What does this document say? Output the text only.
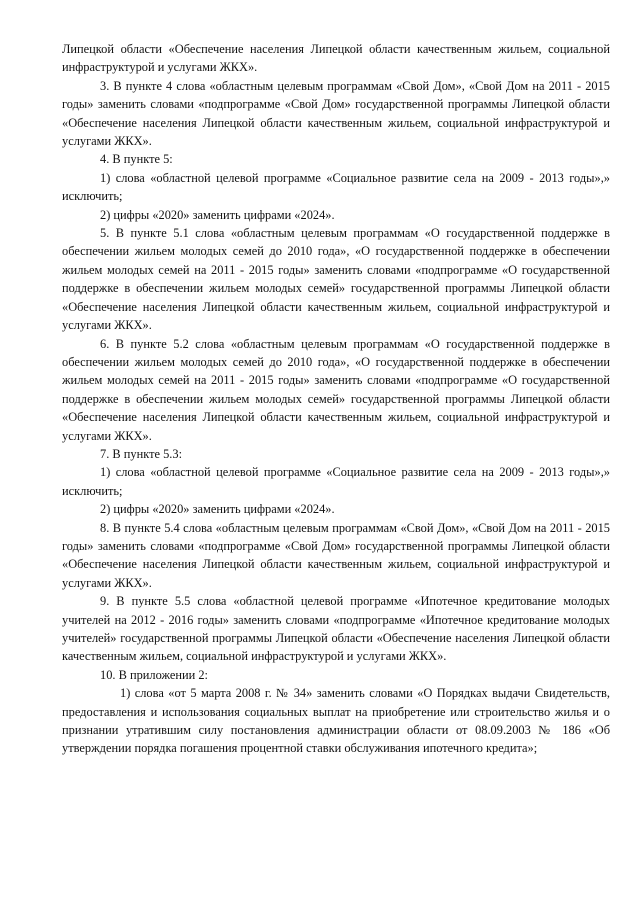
Липецкой области «Обеспечение населения Липецкой области качественным жильем, социальной инфраструктурой и услугами ЖКХ».

3. В пункте 4 слова «областным целевым программам «Свой Дом», «Свой Дом на 2011 - 2015 годы» заменить словами «подпрограмме «Свой Дом» государственной программы Липецкой области «Обеспечение населения Липецкой области качественным жильем, социальной инфраструктурой и услугами ЖКХ».

4. В пункте 5:

1) слова «областной целевой программе «Социальное развитие села на 2009 - 2013 годы»,» исключить;

2) цифры «2020» заменить цифрами «2024».

5. В пункте 5.1 слова «областным целевым программам «О государственной поддержке в обеспечении жильем молодых семей до 2010 года», «О государственной поддержке в обеспечении жильем молодых семей на 2011 - 2015 годы» заменить словами «подпрограмме «О государственной поддержке в обеспечении жильем молодых семей» государственной программы Липецкой области «Обеспечение населения Липецкой области качественным жильем, социальной инфраструктурой и услугами ЖКХ».

6. В пункте 5.2 слова «областным целевым программам «О государственной поддержке в обеспечении жильем молодых семей до 2010 года», «О государственной поддержке в обеспечении жильем молодых семей на 2011 - 2015 годы» заменить словами «подпрограмме «О государственной поддержке в обеспечении жильем молодых семей» государственной программы Липецкой области «Обеспечение населения Липецкой области качественным жильем, социальной инфраструктурой и услугами ЖКХ».

7. В пункте 5.3:

1) слова «областной целевой программе «Социальное развитие села на 2009 - 2013 годы»,» исключить;

2) цифры «2020» заменить цифрами «2024».

8. В пункте 5.4 слова «областным целевым программам «Свой Дом», «Свой Дом на 2011 - 2015 годы» заменить словами «подпрограмме «Свой Дом» государственной программы Липецкой области «Обеспечение населения Липецкой области качественным жильем, социальной инфраструктурой и услугами ЖКХ».

9. В пункте 5.5 слова «областной целевой программе «Ипотечное кредитование молодых учителей на 2012 - 2016 годы» заменить словами «подпрограмме «Ипотечное кредитование молодых учителей» государственной программы Липецкой области «Обеспечение населения Липецкой области качественным жильем, социальной инфраструктурой и услугами ЖКХ».

10. В приложении 2:

1) слова «от 5 марта 2008 г. № 34» заменить словами «О Порядках выдачи Свидетельств, предоставления и использования социальных выплат на приобретение или строительство жилья и о признании утратившим силу постановления администрации области от 08.09.2003 № 186 «Об утверждении порядка погашения процентной ставки обслуживания ипотечного кредита»;
